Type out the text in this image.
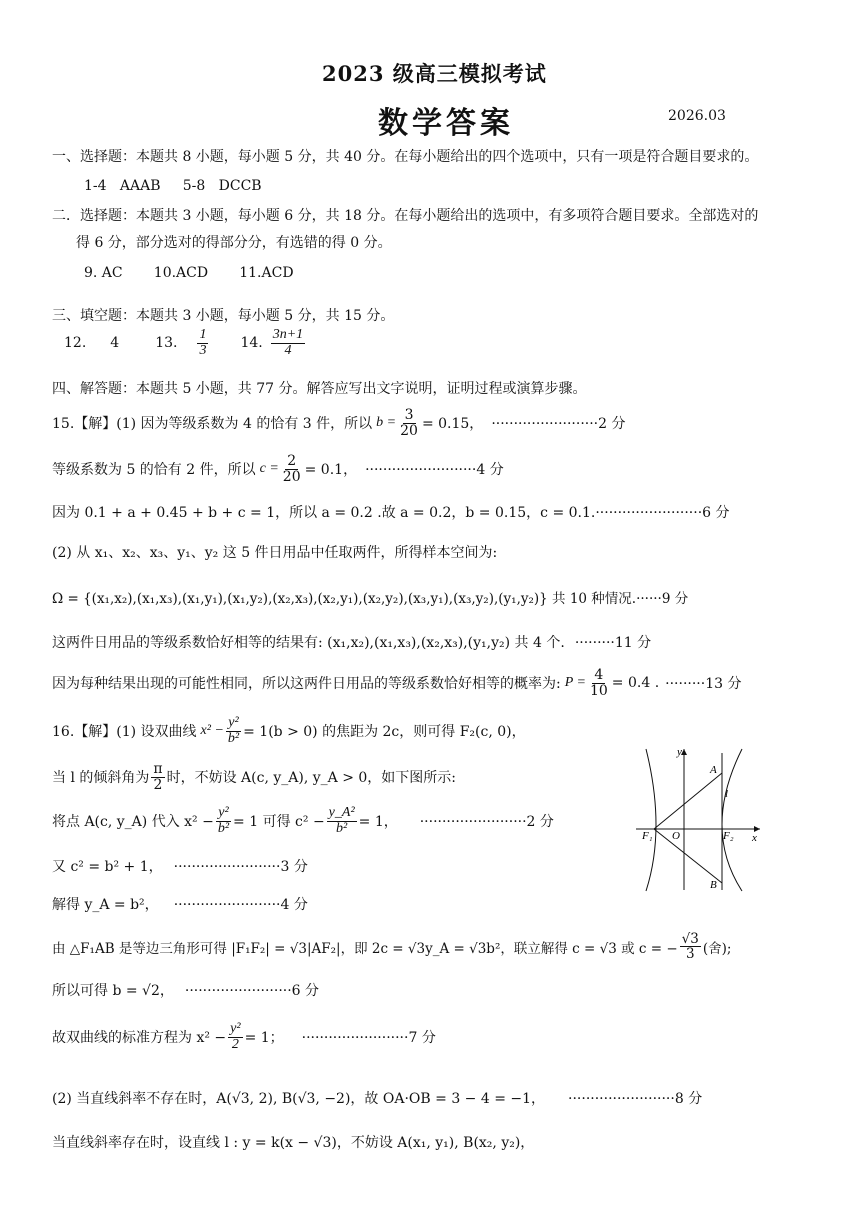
2023 级高三模拟考试
数学答案	2026.03
一、选择题：本题共 8 小题，每小题 5 分，共 40 分。在每小题给出的四个选项中，只有一项是符合题目要求的。
1-4   AAAB     5-8   DCCB
二．选择题：本题共 3 小题，每小题 6 分，共 18 分。在每小题给出的选项中，有多项符合题目要求。全部选对的
得 6 分，部分选对的得部分分，有选错的得 0 分。
9. AC       10.ACD       11.ACD
三、填空题：本题共 3 小题，每小题 5 分，共 15 分。
12. 4	13. $\frac{1}{3} 14$. $\frac{3n+1}{4}$
四、解答题：本题共 5 小题，共 77 分。解答应写出文字说明，证明过程或演算步骤。
15.【解】(1) 因为等级系数为 4 的恰有 3 件，所以 $b = \frac{3}{20} = 0.15$， ························2 分
等级系数为 5 的恰有 2 件，所以 $c = \frac{2}{20} = 0.1$， ·························4 分
因为 0.1 + a + 0.45 + b + c = 1，所以 a = 0.2 .故 a = 0.2，b = 0.15，c = 0.1.························6 分
(2) 从 x₁、x₂、x₃、y₁、y₂ 这 5 件日用品中任取两件，所得样本空间为:
Ω = {(x₁,x₂),(x₁,x₃),(x₁,y₁),(x₁,y₂),(x₂,x₃),(x₂,y₁),(x₂,y₂),(x₃,y₁),(x₃,y₂),(y₁,y₂)} 共 10 种情况.······9 分
这两件日用品的等级系数恰好相等的结果有: (x₁,x₂),(x₁,x₃),(x₂,x₃),(y₁,y₂) 共 4 个. ·········11 分
因为每种结果出现的可能性相同，所以这两件日用品的等级系数恰好相等的概率为: $P = \frac{4}{10} = 0.4$ . ·········13 分
16.【解】(1) 设双曲线 $x^2 - \frac{\text{y²}}{\text{b²}} = 1(b > 0)$ 的焦距为 2c，则可得 F₂(c, 0)，
当 l 的倾斜角为 $\frac{\pi}{2}$ 时，不妨设 A(c, y_A), y_A > 0，如下图所示:
将点 A(c, y_A) 代入 $x^2 - \frac{\text{y²}}{\text{b²}} = 1$ 可得 $c^2 - \frac{\text{y\_A²}}{\text{b²}} = 1$， ························2 分
又 c² = b² + 1， ························3 分
解得 y_A = b²， ························4 分
由 △F₁AB 是等边三角形可得 |F₁F₂| = √3|AF₂|，即 2c = √3y_A = √3b²，联立解得 c = √3 或 c = − $\frac{√3}{3}$ (舍);
所以可得 b = √2， ························6 分
故双曲线的标准方程为 $x^2 - \frac{\text{y²}}{2} = 1$； ························7 分
(2) 当直线斜率不存在时，A(√3, 2), B(√3, −2)，故 OA·OB = 3 − 4 = −1， ························8 分
当直线斜率存在时，设直线 l : y = k(x − √3)，不妨设 A(x₁, y₁), B(x₂, y₂)，
y
x
A
B
l
F₁ O	F₂
